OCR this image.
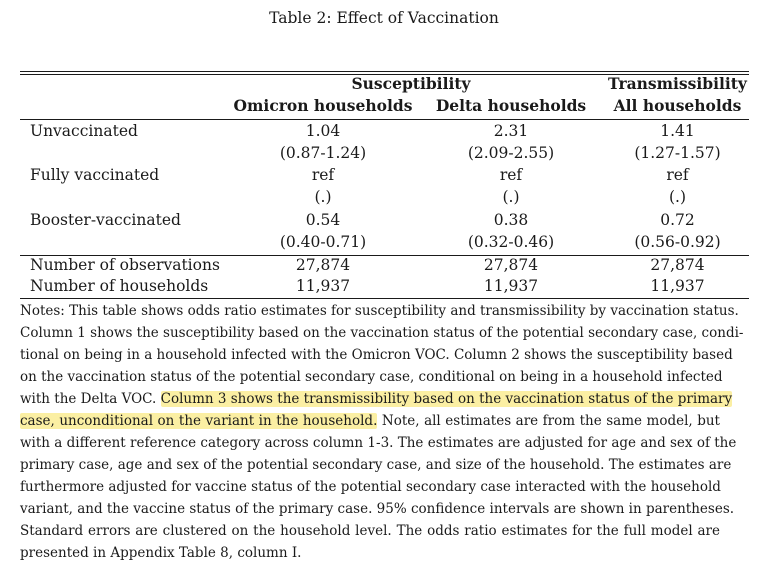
Table 2: Effect of Vaccination
Susceptibility	Transmissibility
Omicron households Delta households	All households
Unvaccinated	1.04	2.31	1.41
(0.87-1.24)	(2.09-2.55)	(1.27-1.57)
Fully vaccinated	ref	ref	ref
(.)	(.)	(.)
Booster-vaccinated	0.54	0.38	0.72
(0.40-0.71)	(0.32-0.46)	(0.56-0.92)
Number of observations	27,874	27,874	27,874
Number of households	11,937	11,937	11,937
Notes: This table shows odds ratio estimates for susceptibility and transmissibility by vaccination status.
Column 1 shows the susceptibility based on the vaccination status of the potential secondary case, condi-
tional on being in a household infected with the Omicron VOC. Column 2 shows the susceptibility based
on the vaccination status of the potential secondary case, conditional on being in a household infected
with the Delta VOC. Column 3 shows the transmissibility based on the vaccination status of the primary
case, unconditional on the variant in the household. Note, all estimates are from the same model, but
with a different reference category across column 1-3. The estimates are adjusted for age and sex of the
primary case, age and sex of the potential secondary case, and size of the household. The estimates are
furthermore adjusted for vaccine status of the potential secondary case interacted with the household
variant, and the vaccine status of the primary case. 95% confidence intervals are shown in parentheses.
Standard errors are clustered on the household level. The odds ratio estimates for the full model are
presented in Appendix Table 8, column I.
